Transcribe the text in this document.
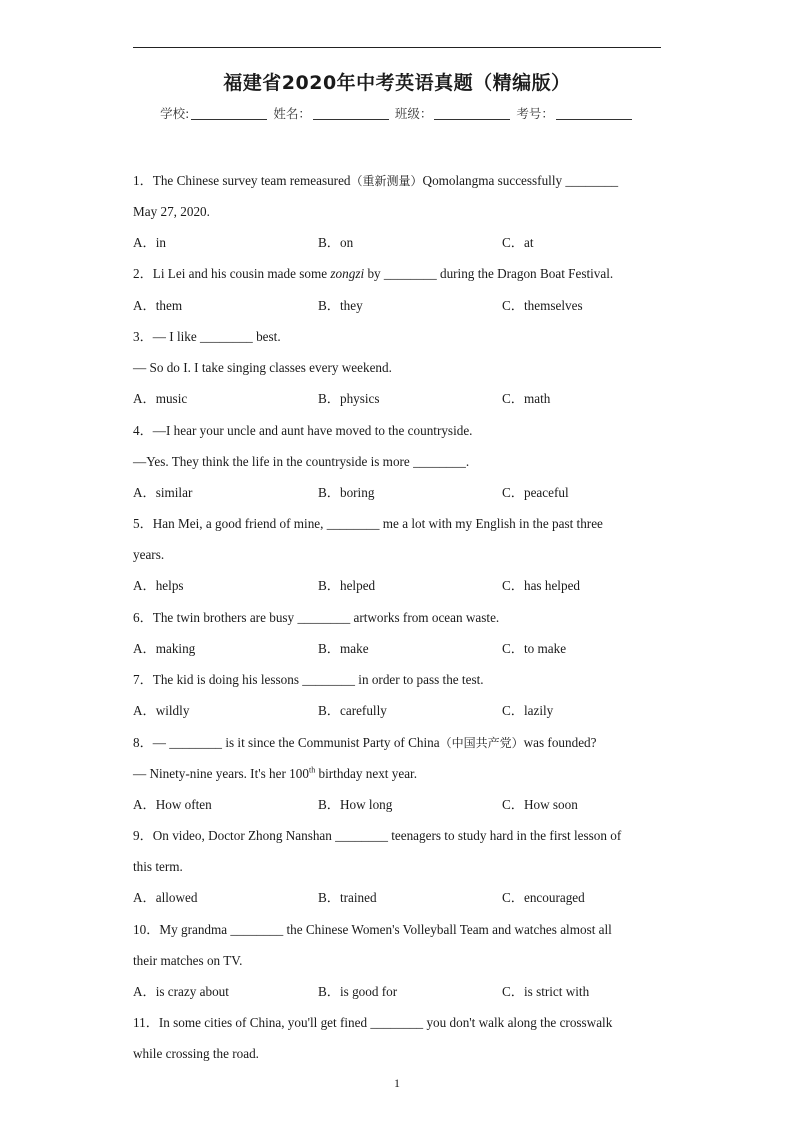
福建省2020年中考英语真题（精编版）
学校:	姓名：	班级：	考号：
1．The Chinese survey team remeasured（重新测量）Qomolangma successfully ________
May 27, 2020.
A．in	B．on	C．at
2．Li Lei and his cousin made some zongzi by ________ during the Dragon Boat Festival.
A．them	B．they	C．themselves
3．— I like ________ best.
— So do I. I take singing classes every weekend.
A．music	B．physics	C．math
4．—I hear your uncle and aunt have moved to the countryside.
—Yes. They think the life in the countryside is more ________.
A．similar	B．boring	C．peaceful
5．Han Mei, a good friend of mine, ________ me a lot with my English in the past three
years.
A．helps	B．helped	C．has helped
6．The twin brothers are busy ________ artworks from ocean waste.
A．making	B．make	C．to make
7．The kid is doing his lessons ________ in order to pass the test.
A．wildly	B．carefully	C．lazily
8．— ________ is it since the Communist Party of China（中国共产党）was founded?
— Ninety-nine years. It's her 100th birthday next year.
A．How often	B．How long	C．How soon
9．On video, Doctor Zhong Nanshan ________ teenagers to study hard in the first lesson of
this term.
A．allowed	B．trained	C．encouraged
10．My grandma ________ the Chinese Women's Volleyball Team and watches almost all
their matches on TV.
A．is crazy about	B．is good for	C．is strict with
11．In some cities of China, you'll get fined ________ you don't walk along the crosswalk
while crossing the road.
1
